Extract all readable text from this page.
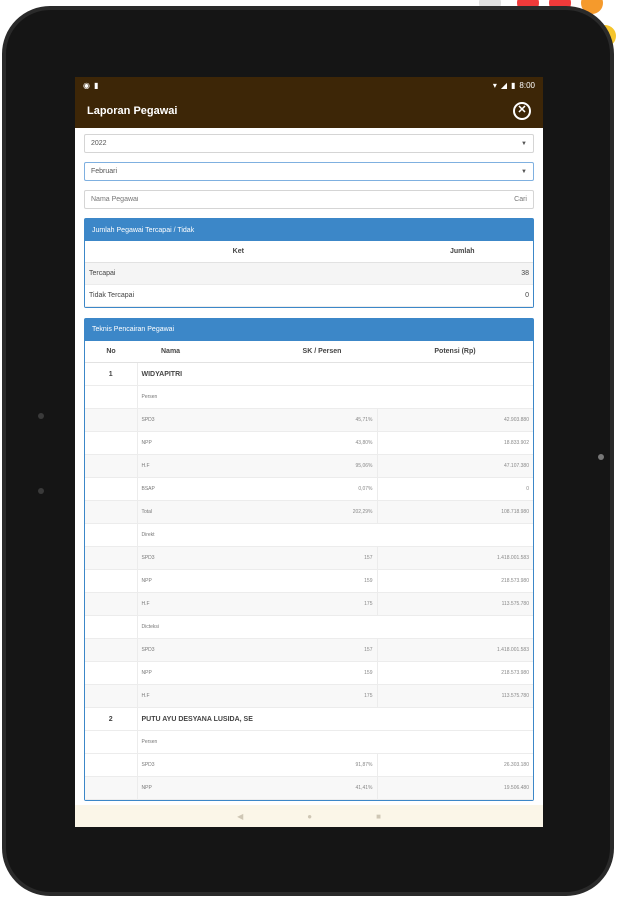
◉ ▮	▾ ◢ ▮ 8:00
Laporan Pegawai	✕
2022	▼
Februari	▼
Nama Pegawai
Cari
Jumlah Pegawai Tercapai / Tidak
Ket	Jumlah
Tercapai	38
Tidak Tercapai	0
Teknis Pencairan Pegawai
No	Nama	SK / Persen	Potensi (Rp)
1	WIDYAPITRI		
	Persen		
	SPD3	45,71%	42.903.880
	NPP	43,80%	18.833.902
	H.F	95,06%	47.107.380
	BSAP	0,07%	0
	Total	202,29%	108.718.980
	Direkt		
	SPD3	157	1.418.001.583
	NPP	159	218.573.980
	H.F	175	113.575.780
	Dicteksi		
	SPD3	157	1.418.001.583
	NPP	159	218.573.980
	H.F	175	113.575.780
2	PUTU AYU DESYANA LUSIDA, SE		
	Persen		
	SPD3	91,87%	26.303.180
	NPP	41,41%	19.506.480
◀	●	■
